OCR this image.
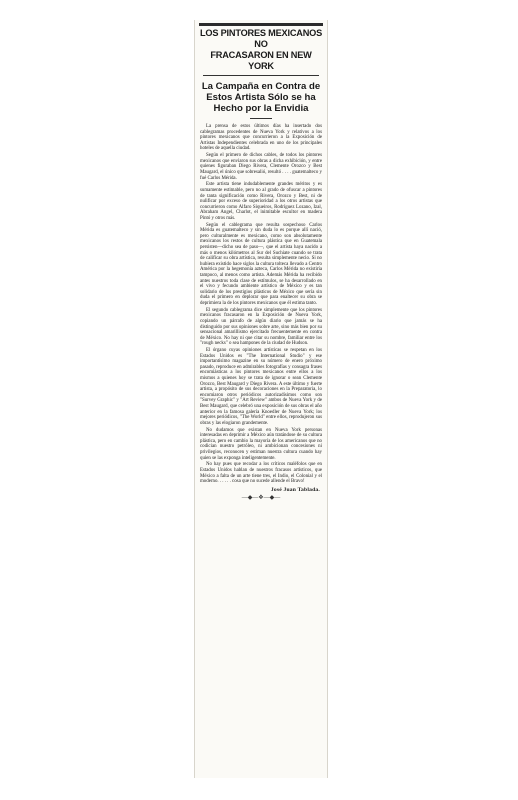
LOS PINTORES MEXICANOS NO
FRACASARON EN NEW YORK
La Campaña en Contra de Estos Artista Sólo se ha Hecho por la Envidia

La prensa de estos últimos días ha insertado dos cablegramas procedentes de Nueva York y relativos a los pintores mexicanos que concurrieron a la Exposición de Artistas Independientes celebrada en uno de los principales hoteles de aquella ciudad.

Según el primero de dichos cables, de todos los pintores mexicanos que enviaron sus obras a dicha exhibición, y entre quienes figuraban Diego Rivera, Clemente Orozco y Best Maugard, el único que sobresalió, resultó . . . . guatemalteco y fué Carlos Mérida.

Este artista tiene indudablemente grandes méritos y es sumamente estimable, pero no al grado de ofuscar a pintores de tanta significación como Rivera, Orozco y Best, ni de nulificar por exceso de superioridad a los otros artistas que concurrieron como Alfaro Siqueiros, Rodríguez Lozano, Izal, Abraham Angel, Charlot, el inimitable escultor en madera Pintó y otros más.

Según el cablegrama que resulta sospechoso Carlos Mérida es guatemalteco y sin duda lo es porque allí nació, pero culturalmente es mexicano, como son absolutamente mexicanos los restos de cultura plástica que en Guatemala persisten—dicho sea de paso—, que el artista haya nacido a más o menos kilómetros al Sur del Suchiate cuando se trata de calificar su obra artística, resulta simplemente necio. Si no hubiera existido hace siglos la cultura tolteca llevado a Centro América por la hegemonía azteca, Carlos Mérida no existiría tampoco, al menos como artista. Además Mérida ha recibido antes nuestros toda clase de estímulos, se ha desarrollado en el vivo y fecundo ambiente artístico de México y es tan solidario de los prestigios plásticos de México que sería sin duda el primero en deplorar que para enaltecer su obra se deprimiera la de los pintores mexicanos que él estima tanto.

El segundo cablegrama dice simplemente que los pintores mexicanos fracasaron en la Exposición de Nueva York, copiando un párrafo de algún diario que jamás se ha distinguido por sus opiniones sobre arte, sino más bien por su sensacional amarillismo ejercitado frecuentemente en contra de México. No hay ni que citar su nombre, familiar entre los "rough necks" o sea hampones de la ciudad de Hudson.

El órgano cuyas opiniones artísticas se respetan en los Estados Unidos es "The International Studio" y ese importantísimo magazine en su número de enero próximo pasado, reproduce en admirables fotografías y consagra frases encomiásticas a los pintores mexicanos entre ellos a los mismos a quienes hoy se trata de ignorar o sean Clemente Orozco, Best Maugard y Diego Rivera. A este último y fuerte artista, a propósito de sus decoraciones en la Preparatoria, lo encomiaron otros periódicos autorizadísimos como son "Survey Graphic" y "Art Review" ambos de Nueva York y de Best Maugard, que celebró una exposición de sus obras el año anterior en la famosa galería Knoedler de Nueva York; los mejores periódicos, "The World" entre ellos, reprodujeron sus obras y las elogiaron grandemente.

No dudamos que existan en Nueva York personas interesadas en deprimir a México aún tratándose de su cultura plástica, pero en cambio la mayoría de los americanos que no codician nuestro petróleo, ni ambicionan concesiones ni privilegios, reconocen y estiman nuestra cultura cuando hay quien se las exponga inteligentemente.

No hay pues que recodar a los críticos maléfolos que en Estados Unidos hablan de nuestros fracasos artísticos, que México a falta de un arte tiene tres, el Indio, el Colonial y el moderno. . . . . . cosa que no sucede allende el Bravo!

José Juan Tablada.
—◆—❖—◆—
